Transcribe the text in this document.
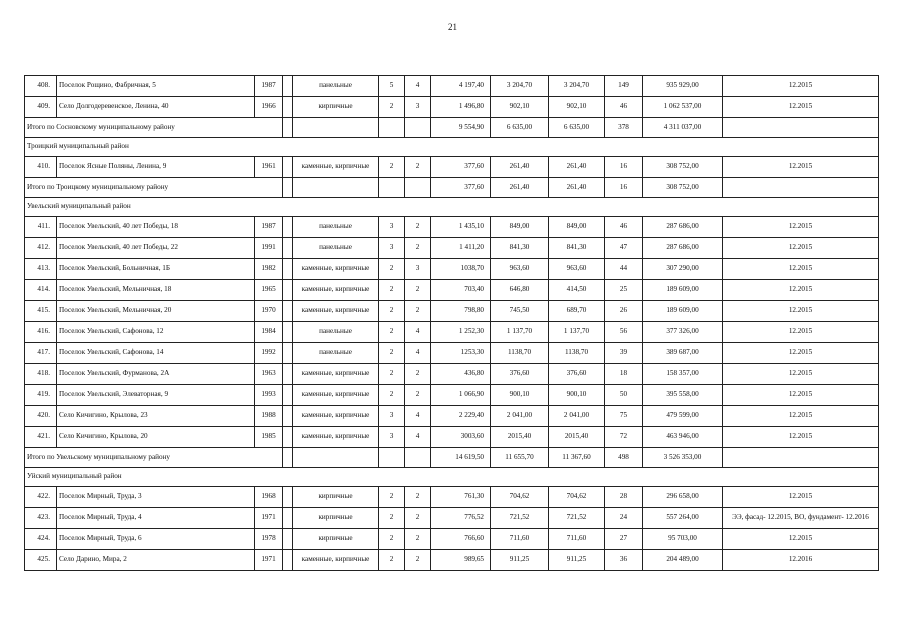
21
408.	Поселок Рощино, Фабричная, 5	1987		панельные	5	4	4 197,40	3 204,70	3 204,70	149	935 929,00	12.2015
409.	Село Долгодеревенское, Ленина, 40	1966		кирпичные	2	3	1 496,80	902,10	902,10	46	1 062 537,00	12.2015
Итого по Сосновскому муниципальному району							9 554,90	6 635,00	6 635,00	378	4 311 037,00	
Троицкий муниципальный район												
410.	Поселок Ясные Поляны, Ленина, 9	1961		каменные, кирпичные	2	2	377,60	261,40	261,40	16	308 752,00	12.2015
Итого по Троицкому муниципальному району							377,60	261,40	261,40	16	308 752,00	
Увельский муниципальный район												
411.	Поселок Увельский, 40 лет Победы, 18	1987		панельные	3	2	1 435,10	849,00	849,00	46	287 686,00	12.2015
412.	Поселок Увельский, 40 лет Победы, 22	1991		панельные	3	2	1 411,20	841,30	841,30	47	287 686,00	12.2015
413.	Поселок Увельский, Больничная, 1Б	1982		каменные, кирпичные	2	3	1038,70	963,60	963,60	44	307 290,00	12.2015
414.	Поселок Увельский, Мельничная, 18	1965		каменные, кирпичные	2	2	703,40	646,80	414,50	25	189 609,00	12.2015
415.	Поселок Увельский, Мельничная, 20	1970		каменные, кирпичные	2	2	798,80	745,50	689,70	26	189 609,00	12.2015
416.	Поселок Увельский, Сафонова, 12	1984		панельные	2	4	1 252,30	1 137,70	1 137,70	56	377 326,00	12.2015
417.	Поселок Увельский, Сафонова, 14	1992		панельные	2	4	1253,30	1138,70	1138,70	39	389 687,00	12.2015
418.	Поселок Увельский, Фурманова, 2А	1963		каменные, кирпичные	2	2	436,80	376,60	376,60	18	158 357,00	12.2015
419.	Поселок Увельский, Элеваторная, 9	1993		каменные, кирпичные	2	2	1 066,90	900,10	900,10	50	395 558,00	12.2015
420.	Село Кичигино, Крылова, 23	1988		каменные, кирпичные	3	4	2 229,40	2 041,00	2 041,00	75	479 599,00	12.2015
421.	Село Кичигино, Крылова, 20	1985		каменные, кирпичные	3	4	3003,60	2015,40	2015,40	72	463 946,00	12.2015
Итого по Увельскому муниципальному району							14 619,50	11 655,70	11 367,60	498	3 526 353,00	
Уйский муниципальный район												
422.	Поселок Мирный, Труда, 3	1968		кирпичные	2	2	761,30	704,62	704,62	28	296 658,00	12.2015
423.	Поселок Мирный, Труда, 4	1971		кирпичные	2	2	776,52	721,52	721,52	24	557 264,00	ЭЭ, фасад- 12.2015, ВО, фундамент- 12.2016
424.	Поселок Мирный, Труда, 6	1978		кирпичные	2	2	766,60	711,60	711,60	27	95 703,00	12.2015
425.	Село Дарино, Мира, 2	1971		каменные, кирпичные	2	2	989,65	911,25	911,25	36	204 489,00	12.2016
